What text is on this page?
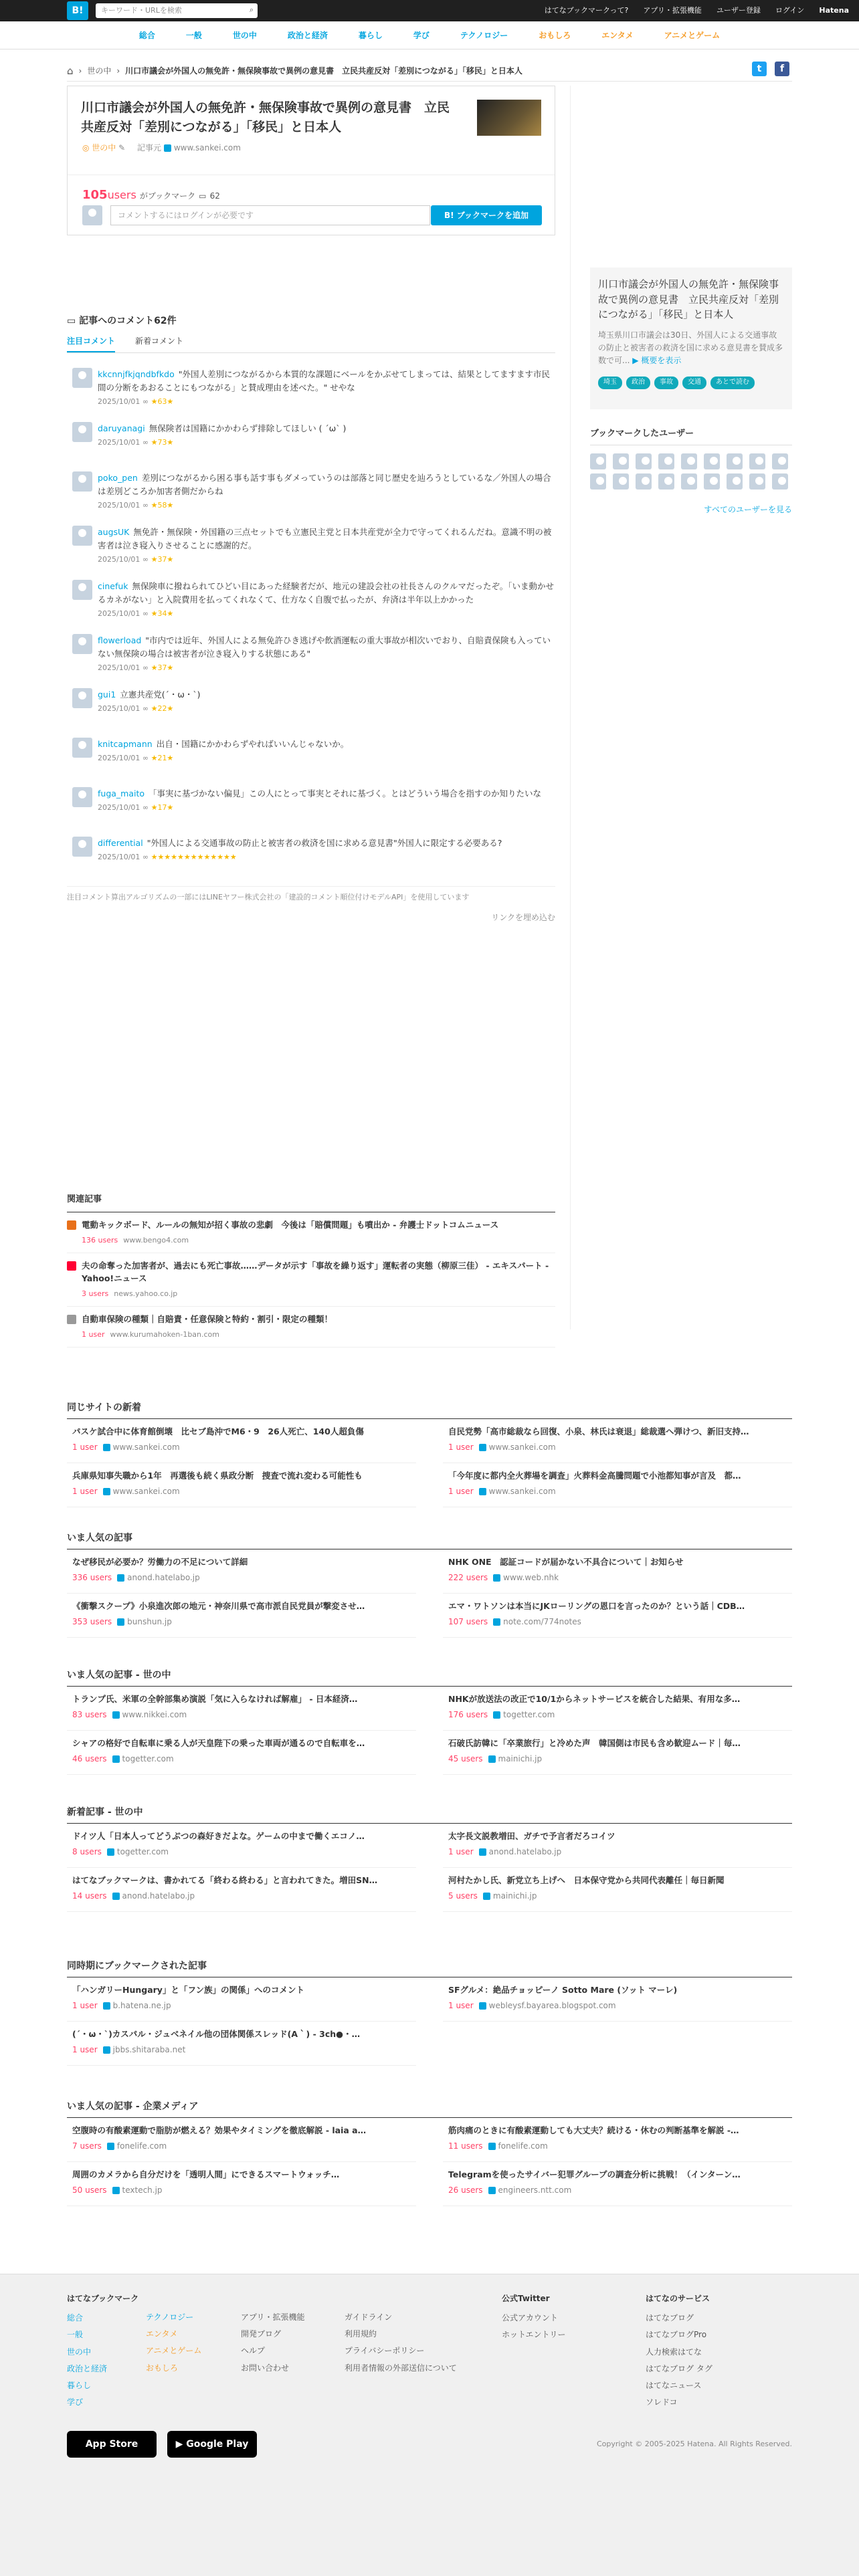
B!	キーワード・URLを検索	⌕	はてなブックマークって? アプリ・拡張機能 ユーザー登録 ログイン Hatena
総合	一般	世の中	政治と経済	暮らし	学び	テクノロジー	おもしろ	エンタメ	アニメとゲーム
⌂ › 世の中 › 川口市議会が外国人の無免許・無保険事故で異例の意見書　立民共産反対「差別につながる」「移民」と日本人	t	f
川口市議会が外国人の無免許・無保険事故で異例の意見書　立民共産反対「差別につながる」「移民」と日本人
◎ 世の中 ✎ 記事元 www.sankei.com
105users がブックマーク ▭ 62
コメントするにはログインが必要です	B! ブックマークを追加
▭ 記事へのコメント62件
注目コメント	新着コメント
kkcnnjfkjqndbfkdo "外国人差別につながるから本質的な課題にベールをかぶせてしまっては、結果としてますます市民間の分断をあおることにもつながる」と賛成理由を述べた。" せやな
2025/10/01 ∞ ★63★
daruyanagi 無保険者は国籍にかかわらず排除してほしい ( ´ω` )
2025/10/01 ∞ ★73★
poko_pen 差別につながるから困る事も話す事もダメっていうのは部落と同じ歴史を辿ろうとしているな／外国人の場合は差別どころか加害者側だからね
2025/10/01 ∞ ★58★
augsUK 無免許・無保険・外国籍の三点セットでも立憲民主党と日本共産党が全力で守ってくれるんだね。意識不明の被害者は泣き寝入りさせることに感謝的だ。
2025/10/01 ∞ ★37★
cinefuk 無保険車に撥ねられてひどい目にあった経験者だが、地元の建設会社の社長さんのクルマだったぞ。「いま動かせるカネがない」と入院費用を払ってくれなくて、仕方なく自腹で払ったが、弁済は半年以上かかった
2025/10/01 ∞ ★34★
flowerload "市内では近年、外国人による無免許ひき逃げや飲酒運転の重大事故が相次いでおり、自賠責保険も入っていない無保険の場合は被害者が泣き寝入りする状態にある"
2025/10/01 ∞ ★37★
gui1 立憲共産党(´・ω・`)
2025/10/01 ∞ ★22★
knitcapmann 出自・国籍にかかわらずやればいいんじゃないか。
2025/10/01 ∞ ★21★
fuga_maito 「事実に基づかない偏見」この人にとって事実とそれに基づく。とはどういう場合を指すのか知りたいな
2025/10/01 ∞ ★17★
differential "外国人による交通事故の防止と被害者の救済を国に求める意見書"外国人に限定する必要ある?
2025/10/01 ∞ ★★★★★★★★★★★★★
注目コメント算出アルゴリズムの一部にはLINEヤフー株式会社の「建設的コメント順位付けモデルAPI」を使用しています
リンクを埋め込む
川口市議会が外国人の無免許・無保険事故で異例の意見書　立民共産反対「差別につながる」「移民」と日本人
埼玉県川口市議会は30日、外国人による交通事故の防止と被害者の救済を国に求める意見書を賛成多数で可... ▶ 概要を表示
埼玉	政治	事故	交通	あとで読む
ブックマークしたユーザー
すべてのユーザーを見る
関連記事
電動キックボード、ルールの無知が招く事故の悲劇　今後は「賠償問題」も噴出か - 弁護士ドットコムニュース
136 users www.bengo4.com
夫の命奪った加害者が、過去にも死亡事故……データが示す「事故を繰り返す」運転者の実態（柳原三佳） - エキスパート - Yahoo!ニュース
3 users news.yahoo.co.jp
自動車保険の種類｜自賠責・任意保険と特約・割引・限定の種類！
1 user www.kurumahoken-1ban.com
同じサイトの新着
パスケ試合中に体育館倒壊　比セブ島沖でM6・9　26人死亡、140人超負傷
1 user www.sankei.com
自民党勢「高市総裁なら回復、小泉、林氏は衰退」総裁選へ弾けつ、新旧支持…
1 user www.sankei.com
兵庫県知事失職から1年　再選後も続く県政分断　捜査で流れ変わる可能性も
1 user www.sankei.com
「今年度に都内全火葬場を調査」火葬料金高騰問題で小池都知事が言及　都…
1 user www.sankei.com
いま人気の記事
なぜ移民が必要か？労働力の不足について詳細
336 users anond.hatelabo.jp
NHK ONE　認証コードが届かない不具合について｜お知らせ
222 users www.web.nhk
《衝撃スクープ》小泉進次郎の地元・神奈川県で高市派自民党員が撃変させ…
353 users bunshun.jp
エマ・ワトソンは本当にJKローリングの恩口を言ったのか？という話｜CDB…
107 users note.com/774notes
いま人気の記事 - 世の中
トランプ氏、米軍の全幹部集め演説「気に入らなければ解雇」 - 日本経済…
83 users www.nikkei.com
NHKが放送法の改正で10/1からネットサービスを統合した結果、有用な多…
176 users togetter.com
シャアの格好で自転車に乗る人が天皇陛下の乗った車両が通るので自転車を…
46 users togetter.com
石破氏訪韓に「卒業旅行」と冷めた声　韓国側は市民も含め歓迎ムード｜毎…
45 users mainichi.jp
新着記事 - 世の中
ドイツ人「日本人ってどうぶつの森好きだよな。ゲームの中まで働くエコノ…
8 users togetter.com
太字長文説教増田、ガチで予言者だろコイツ
1 user anond.hatelabo.jp
はてなブックマークは、書かれてる「終わる終わる」と言われてきた。増田SN…
14 users anond.hatelabo.jp
河村たかし氏、新党立ち上げへ　日本保守党から共同代表離任｜毎日新聞
5 users mainichi.jp
同時期にブックマークされた記事
「ハンガリーHungary」と「フン族」の関係」へのコメント
1 user b.hatena.ne.jp
SFグルメ：絶品チョッピーノ Sotto Mare (ソット マーレ)
1 user webleysf.bayarea.blogspot.com
(´・ω・`)カスパル・ジュベネイル他の団体関係スレッド(A｀) - 3ch●・…
1 user jbbs.shitaraba.net
いま人気の記事 - 企業メディア
空腹時の有酸素運動で脂肪が燃える？効果やタイミングを徹底解説 - laia a…
7 users fonelife.com
筋肉痛のときに有酸素運動しても大丈夫？続ける・休むの判断基準を解説 -…
11 users fonelife.com
周囲のカメラから自分だけを「透明人間」にできるスマートウォッチ…
50 users textech.jp
Telegramを使ったサイバー犯罪グループの調査分析に挑戦！（インターン…
26 users engineers.ntt.com
はてなブックマーク
総合
一般
世の中
政治と経済
暮らし
学び
テクノロジー
エンタメ
アニメとゲーム
おもしろ
アプリ・拡張機能
開発ブログ
ヘルプ
お問い合わせ
ガイドライン
利用規約
プライバシーポリシー
利用者情報の外部送信について
公式Twitter
公式アカウント
ホットエントリー
はてなのサービス
はてなブログ
はてなブログPro
人力検索はてな
はてなブログ タグ
はてなニュース
ソレドコ
App Store	▶ Google Play	Copyright © 2005-2025 Hatena. All Rights Reserved.
